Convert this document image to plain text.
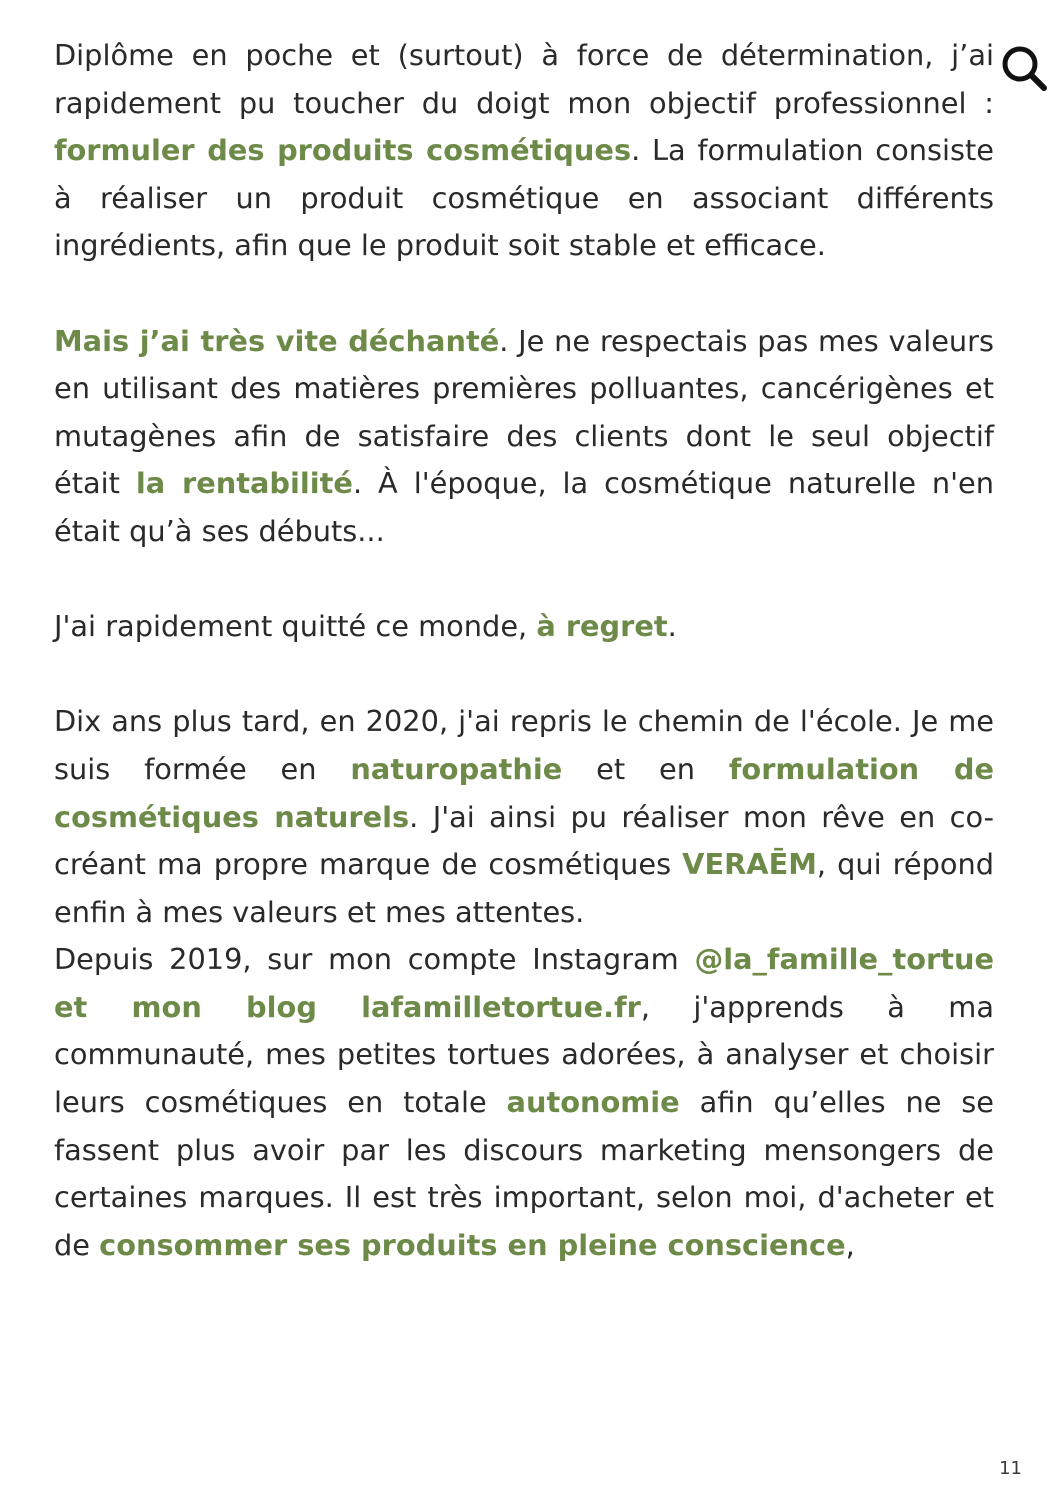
Diplôme en poche et (surtout) à force de détermination, j’ai rapidement pu toucher du doigt mon objectif professionnel : formuler des produits cosmétiques. La formulation consiste à réaliser un produit cosmétique en associant différents ingrédients, afin que le produit soit stable et efficace.

Mais j’ai très vite déchanté. Je ne respectais pas mes valeurs en utilisant des matières premières polluantes, cancérigènes et mutagènes afin de satisfaire des clients dont le seul objectif était la rentabilité. À l'époque, la cosmétique naturelle n'en était qu’à ses débuts...

J'ai rapidement quitté ce monde, à regret.

Dix ans plus tard, en 2020, j'ai repris le chemin de l'école. Je me suis formée en naturopathie et en formulation de cosmétiques naturels. J'ai ainsi pu réaliser mon rêve en co-créant ma propre marque de cosmétiques VERAĒM, qui répond enfin à mes valeurs et mes attentes.

Depuis 2019, sur mon compte Instagram @la_famille_tortue et mon blog lafamilletortue.fr, j'apprends à ma communauté, mes petites tortues adorées, à analyser et choisir leurs cosmétiques en totale autonomie afin qu’elles ne se fassent plus avoir par les discours marketing mensongers de certaines marques. Il est très important, selon moi, d'acheter et de consommer ses produits en pleine conscience,

11
